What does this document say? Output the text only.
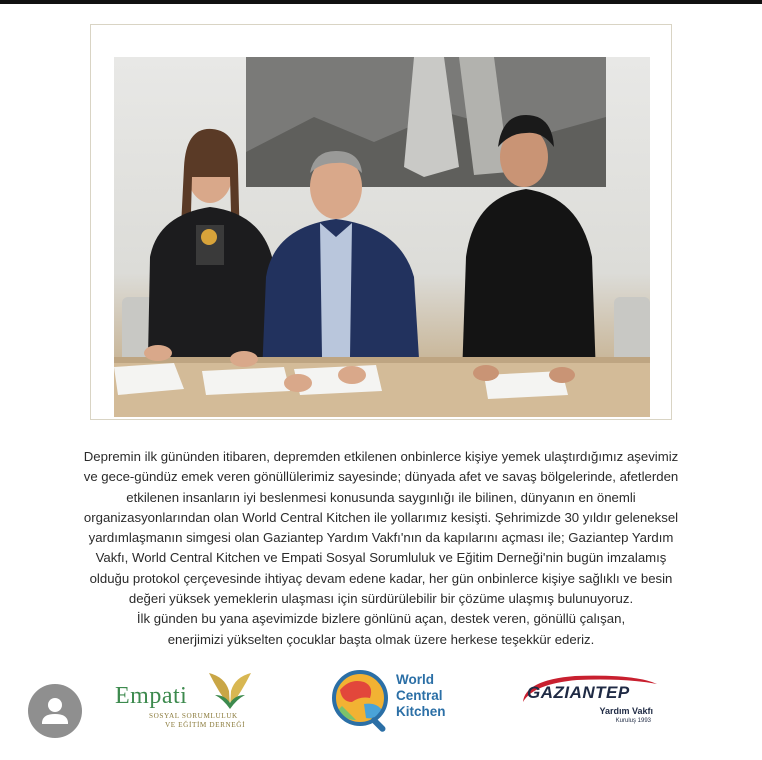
Depremin ilk gününden itibaren, depremden etkilenen onbinlerce kişiye yemek ulaştırdığımız aşevimiz
ve gece-gündüz emek veren gönüllülerimiz sayesinde; dünyada afet ve savaş bölgelerinde, afetlerden
etkilenen insanların iyi beslenmesi konusunda saygınlığı ile bilinen, dünyanın en önemli
organizasyonlarından olan World Central Kitchen ile yollarımız kesişti. Şehrimizde 30 yıldır geleneksel
yardımlaşmanın simgesi olan Gaziantep Yardım Vakfı'nın da kapılarını açması ile; Gaziantep Yardım
Vakfı, World Central Kitchen ve Empati Sosyal Sorumluluk ve Eğitim Derneği'nin bugün imzalamış
olduğu protokol çerçevesinde ihtiyaç devam edene kadar, her gün onbinlerce kişiye sağlıklı ve besin
değeri yüksek yemeklerin ulaşması için sürdürülebilir bir çözüme ulaşmış bulunuyoruz.
İlk günden bu yana aşevimizde bizlere gönlünü açan, destek veren, gönüllü çalışan,
enerjimizi yükselten çocuklar başta olmak üzere herkese teşekkür ederiz.

Empati
SOSYAL SORUMLULUK
VE EĞİTİM DERNEĞİ
World
Central
Kitchen
GAZIANTEP
Yardım Vakfı
Kuruluş 1993
